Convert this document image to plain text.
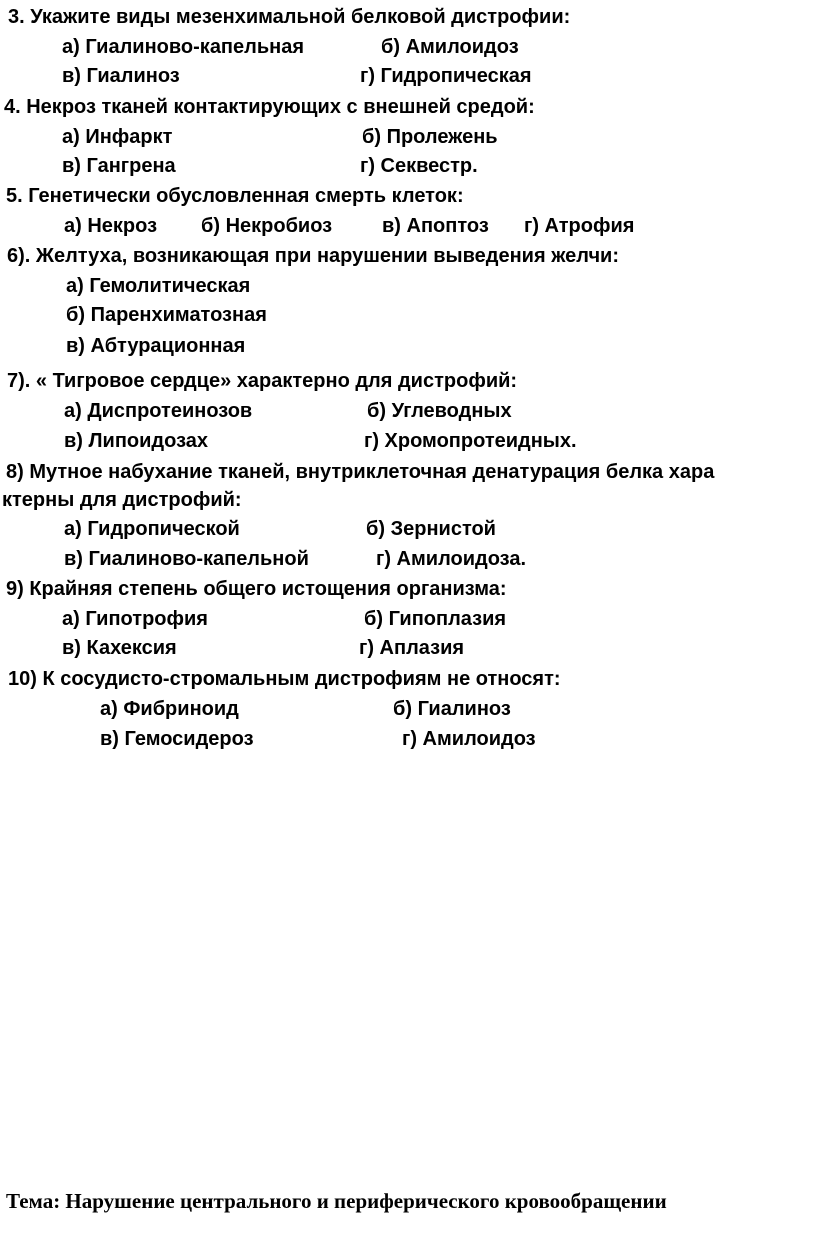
3. Укажите виды мезенхимальной белковой дистрофии:
а) Гиалиново-капельная	б) Амилоидоз
в) Гиалиноз	г) Гидропическая
4. Некроз тканей контактирующих с внешней средой:
а) Инфаркт	б) Пролежень
в) Гангрена	г) Секвестр.
5. Генетически обусловленная смерть клеток:
а) Некроз б) Некробиоз в) Апоптоз г) Атрофия
6). Желтуха, возникающая при нарушении выведения желчи:
а) Гемолитическая
б) Паренхиматозная
в) Абтурационная
7). « Тигровое сердце» характерно для дистрофий:
а) Диспротеинозов	б) Углеводных
в) Липоидозах	г) Хромопротеидных.
8) Мутное набухание тканей, внутриклеточная денатурация белка хара
ктерны для дистрофий:
а) Гидропической	б) Зернистой
в) Гиалиново-капельной	г) Амилоидоза.
9) Крайняя степень общего истощения организма:
а) Гипотрофия	б) Гипоплазия
в) Кахексия	г) Аплазия
10) К сосудисто-стромальным дистрофиям не относят:
а) Фибриноид	б) Гиалиноз
в) Гемосидероз	г) Амилоидоз
Тема: Нарушение центрального и периферического кровообращении
